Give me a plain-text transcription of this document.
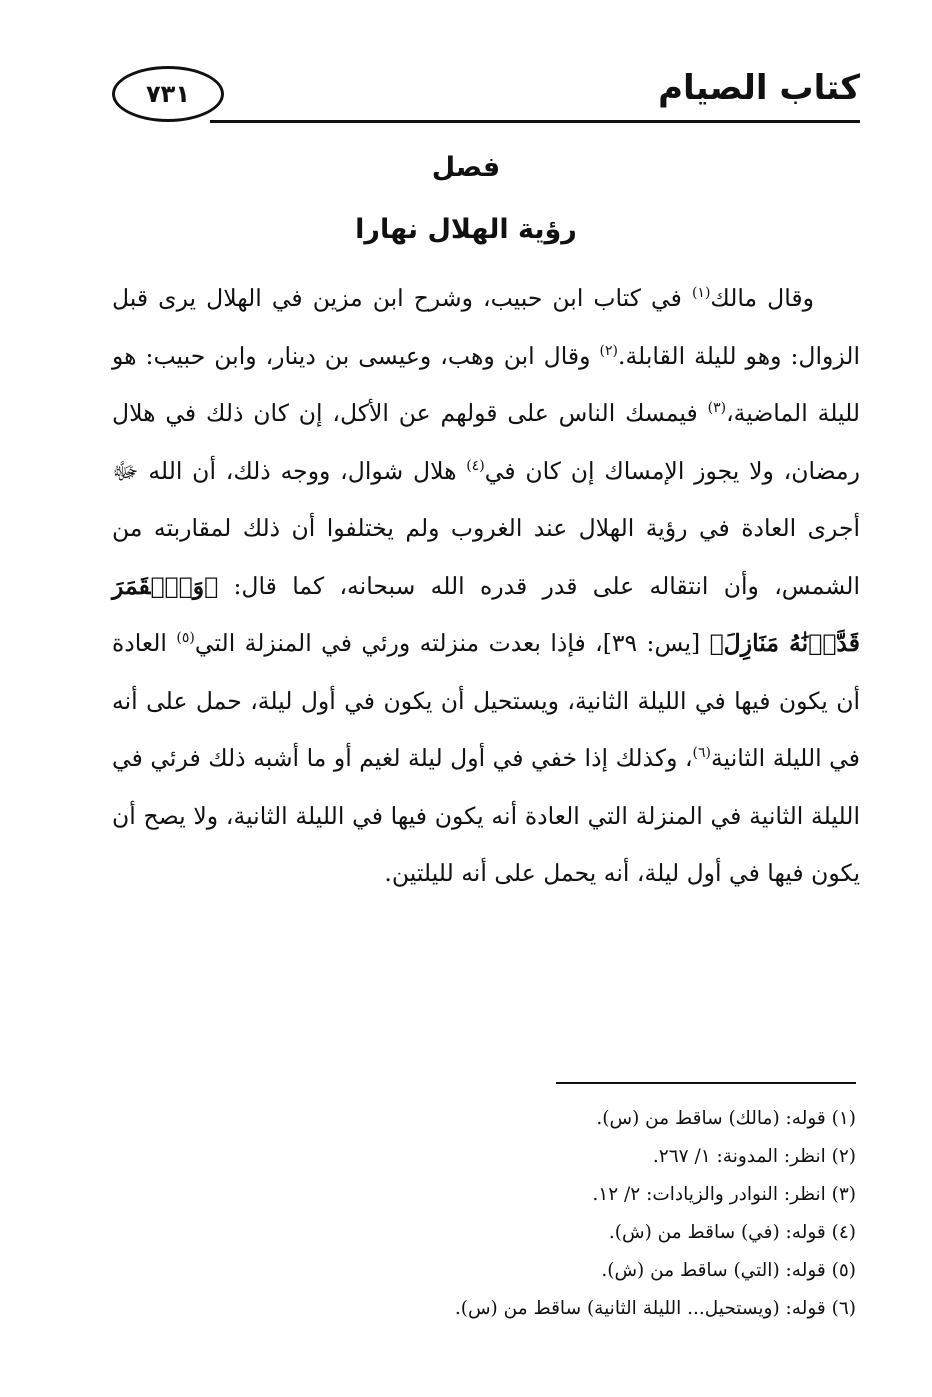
٧٣١	كتاب الصيام
فصل
رؤية الهلال نهارا

وقال مالك$^{(١)}$ في كتاب ابن حبيب، وشرح ابن مزين في الهلال يرى قبل الزوال: وهو لليلة القابلة.$^{(٢)}$ وقال ابن وهب، وعيسى بن دينار، وابن حبيب: هو لليلة الماضية،$^{(٣)}$ فيمسك الناس على قولهم عن الأكل، إن كان ذلك في هلال رمضان، ولا يجوز الإمساك إن كان في$^{(٤)}$ هلال شوال، ووجه ذلك، أن الله ﷻ أجرى العادة في رؤية الهلال عند الغروب ولم يختلفوا أن ذلك لمقاربته من الشمس، وأن انتقاله على قدر قدره الله سبحانه، كما قال: ﴿وَٱلۡقَمَرَ قَدَّرۡنَٰهُ مَنَازِلَ﴾ [يس: ٣٩]، فإذا بعدت منزلته ورئي في المنزلة التي$^{(٥)}$ العادة أن يكون فيها في الليلة الثانية، ويستحيل أن يكون في أول ليلة، حمل على أنه في الليلة الثانية$^{(٦)}$، وكذلك إذا خفي في أول ليلة لغيم أو ما أشبه ذلك فرئي في الليلة الثانية في المنزلة التي العادة أنه يكون فيها في الليلة الثانية، ولا يصح أن يكون فيها في أول ليلة، أنه يحمل على أنه لليلتين.

(١) قوله: (مالك) ساقط من (س).
(٢) انظر: المدونة: ١/ ٢٦٧.
(٣) انظر: النوادر والزيادات: ٢/ ١٢.
(٤) قوله: (في) ساقط من (ش).
(٥) قوله: (التي) ساقط من (ش).
(٦) قوله: (ويستحيل... الليلة الثانية) ساقط من (س).
